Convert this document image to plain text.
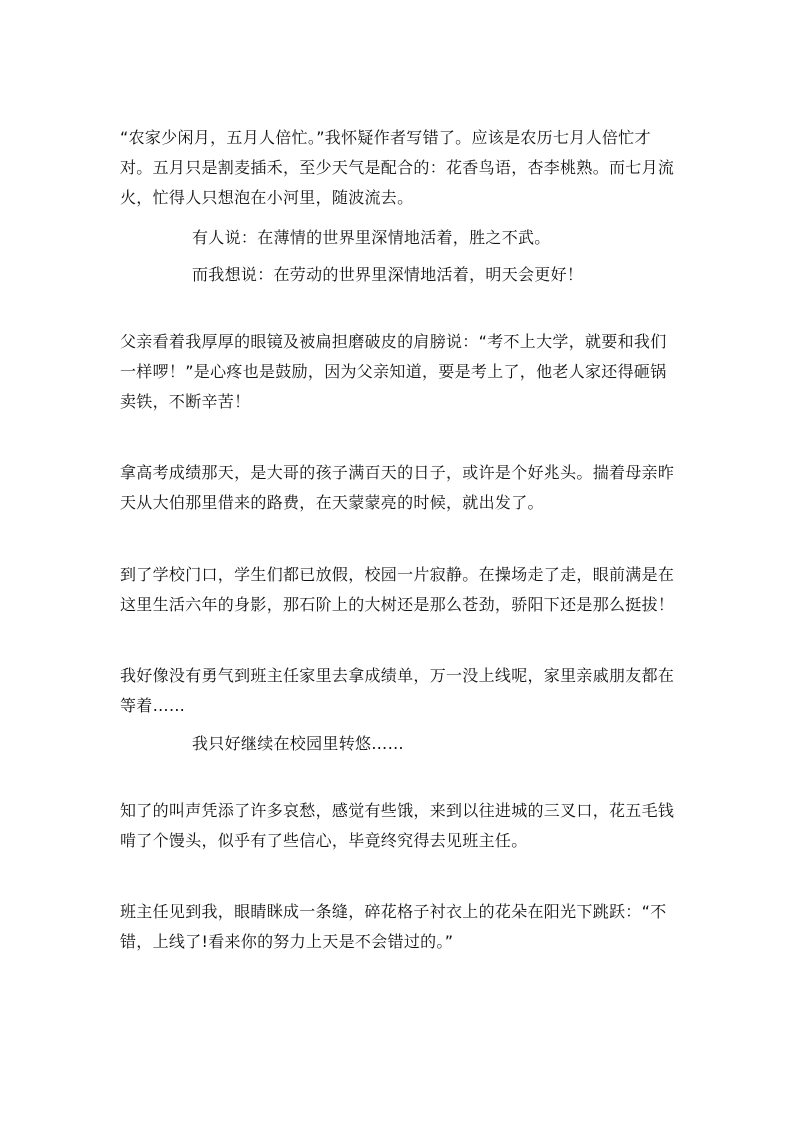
“农家少闲月，五月人倍忙。”我怀疑作者写错了。应该是农历七月人倍忙才对。五月只是割麦插禾，至少天气是配合的：花香鸟语，杏李桃熟。而七月流火，忙得人只想泡在小河里，随波流去。

有人说：在薄情的世界里深情地活着，胜之不武。

而我想说：在劳动的世界里深情地活着，明天会更好！

父亲看着我厚厚的眼镜及被扁担磨破皮的肩膀说：“考不上大学，就要和我们一样啰！”是心疼也是鼓励，因为父亲知道，要是考上了，他老人家还得砸锅卖铁，不断辛苦！

拿高考成绩那天，是大哥的孩子满百天的日子，或许是个好兆头。揣着母亲昨天从大伯那里借来的路费，在天蒙蒙亮的时候，就出发了。

到了学校门口，学生们都已放假，校园一片寂静。在操场走了走，眼前满是在这里生活六年的身影，那石阶上的大树还是那么苍劲，骄阳下还是那么挺拔！

我好像没有勇气到班主任家里去拿成绩单，万一没上线呢，家里亲戚朋友都在等着……

我只好继续在校园里转悠……

知了的叫声凭添了许多哀愁，感觉有些饿，来到以往进城的三叉口，花五毛钱啃了个馒头，似乎有了些信心，毕竟终究得去见班主任。

班主任见到我，眼睛眯成一条缝，碎花格子衬衣上的花朵在阳光下跳跃：“不错，上线了!看来你的努力上天是不会错过的。”
